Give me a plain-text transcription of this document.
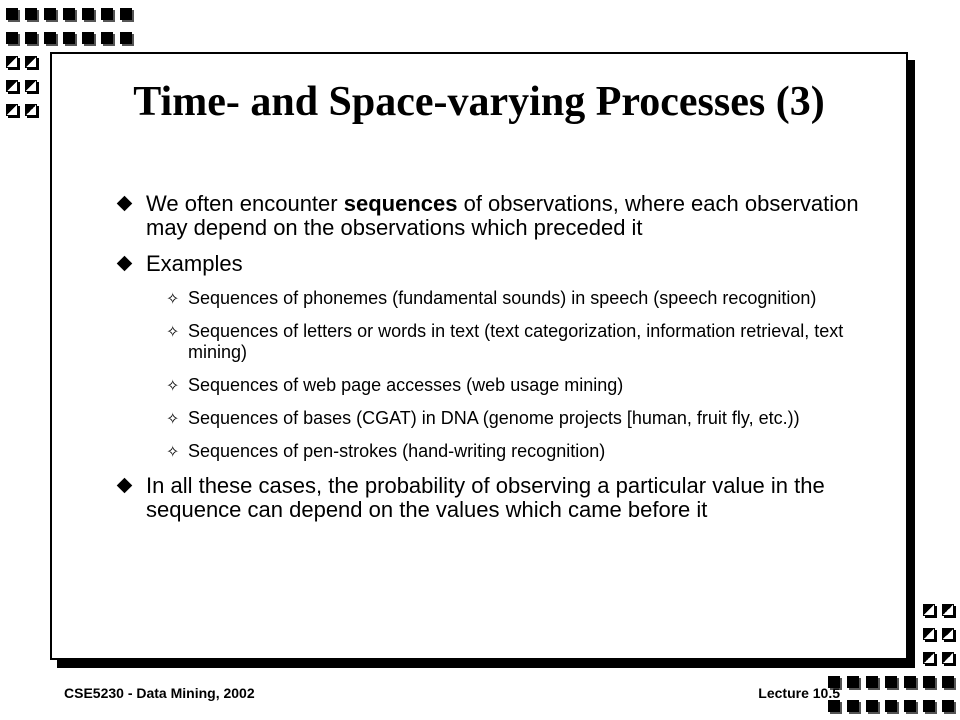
Time- and Space-varying Processes (3)
We often encounter sequences of observations, where each observation may depend on the observations which preceded it
Examples
✧ Sequences of phonemes (fundamental sounds) in speech (speech recognition)
✧ Sequences of letters or words in text (text categorization, information retrieval, text mining)
✧ Sequences of web page accesses (web usage mining)
✧ Sequences of bases (CGAT) in DNA (genome projects [human, fruit fly, etc.))
✧ Sequences of pen-strokes (hand-writing recognition)
In all these cases, the probability of observing a particular value in the sequence can depend on the values which came before it
CSE5230 - Data Mining, 2002	Lecture 10.5
